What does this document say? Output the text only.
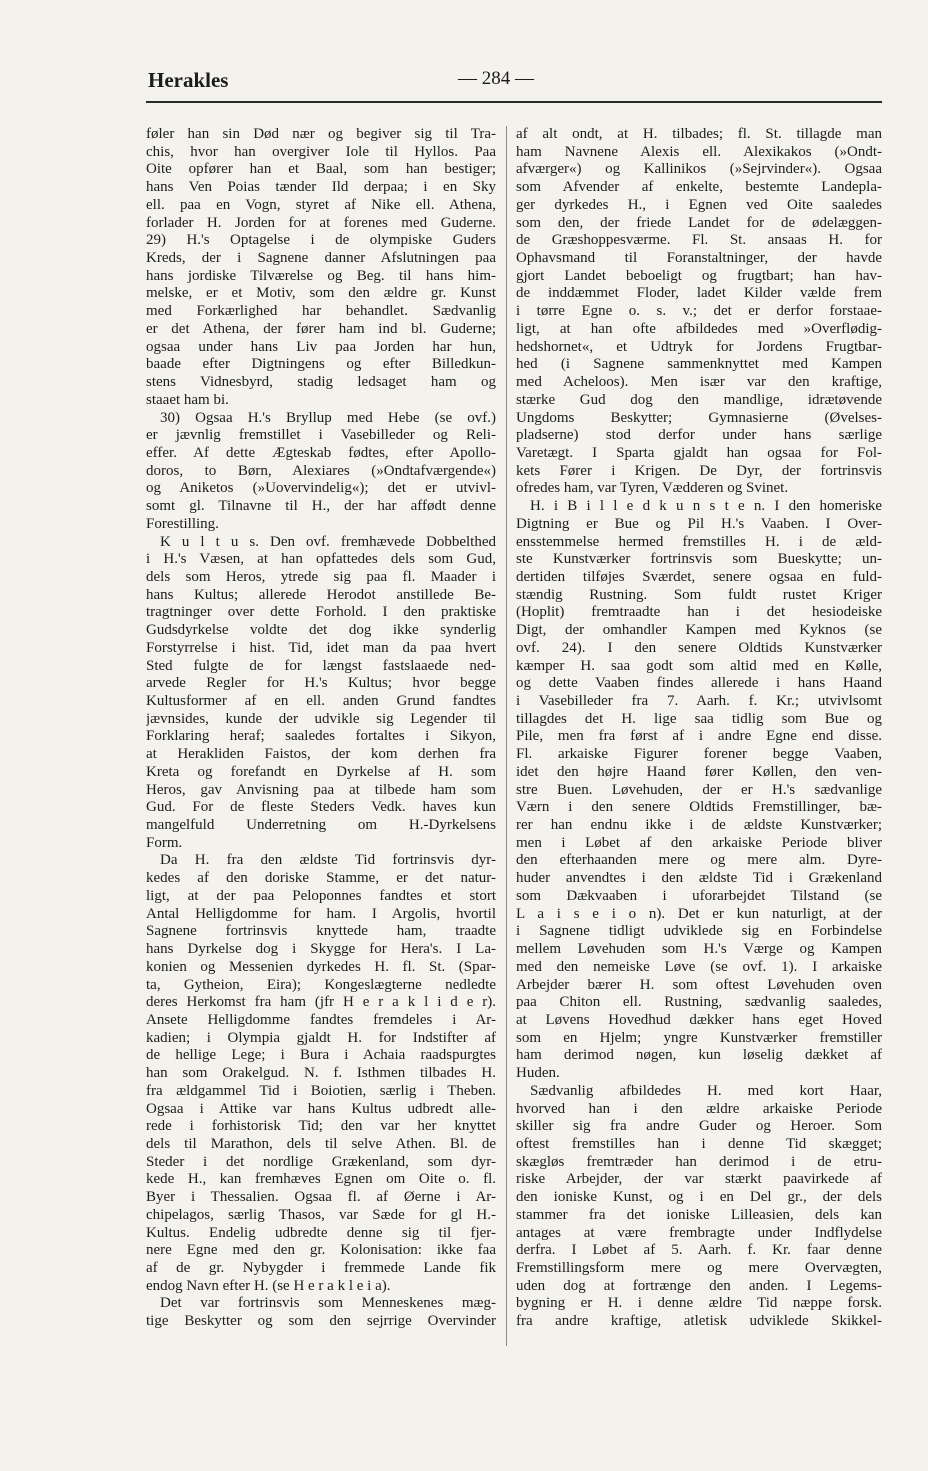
Herakles	— 284 —
føler han sin Død nær og begiver sig til Tra-
chis, hvor han overgiver Iole til Hyllos. Paa
Oite opfører han et Baal, som han bestiger;
hans Ven Poias tænder Ild derpaa; i en Sky
ell. paa en Vogn, styret af Nike ell. Athena,
forlader H. Jorden for at forenes med Guderne.
29) H.'s Optagelse i de olympiske Guders
Kreds, der i Sagnene danner Afslutningen paa
hans jordiske Tilværelse og Beg. til hans him-
melske, er et Motiv, som den ældre gr. Kunst
med Forkærlighed har behandlet. Sædvanlig
er det Athena, der fører ham ind bl. Guderne;
ogsaa under hans Liv paa Jorden har hun,
baade efter Digtningens og efter Billedkun-
stens Vidnesbyrd, stadig ledsaget ham og
staaet ham bi.
30) Ogsaa H.'s Bryllup med Hebe (se ovf.)
er jævnlig fremstillet i Vasebilleder og Reli-
effer. Af dette Ægteskab fødtes, efter Apollo-
doros, to Børn, Alexiares (»Ondtafværgende«)
og Aniketos (»Uovervindelig«); det er utvivl-
somt gl. Tilnavne til H., der har affødt denne
Forestilling.
K u l t u s. Den ovf. fremhævede Dobbelthed
i H.'s Væsen, at han opfattedes dels som Gud,
dels som Heros, ytrede sig paa fl. Maader i
hans Kultus; allerede Herodot anstillede Be-
tragtninger over dette Forhold. I den praktiske
Gudsdyrkelse voldte det dog ikke synderlig
Forstyrrelse i hist. Tid, idet man da paa hvert
Sted fulgte de for længst fastslaaede ned-
arvede Regler for H.'s Kultus; hvor begge
Kultusformer af en ell. anden Grund fandtes
jævnsides, kunde der udvikle sig Legender til
Forklaring heraf; saaledes fortaltes i Sikyon,
at Herakliden Faistos, der kom derhen fra
Kreta og forefandt en Dyrkelse af H. som
Heros, gav Anvisning paa at tilbede ham som
Gud. For de fleste Steders Vedk. haves kun
mangelfuld Underretning om H.-Dyrkelsens
Form.
Da H. fra den ældste Tid fortrinsvis dyr-
kedes af den doriske Stamme, er det natur-
ligt, at der paa Peloponnes fandtes et stort
Antal Helligdomme for ham. I Argolis, hvortil
Sagnene fortrinsvis knyttede ham, traadte
hans Dyrkelse dog i Skygge for Hera's. I La-
konien og Messenien dyrkedes H. fl. St. (Spar-
ta, Gytheion, Eira); Kongeslægterne nedledte
deres Herkomst fra ham (jfr H e r a k l i d e r).
Ansete Helligdomme fandtes fremdeles i Ar-
kadien; i Olympia gjaldt H. for Indstifter af
de hellige Lege; i Bura i Achaia raadspurgtes
han som Orakelgud. N. f. Isthmen tilbades H.
fra ældgammel Tid i Boiotien, særlig i Theben.
Ogsaa i Attike var hans Kultus udbredt alle-
rede i forhistorisk Tid; den var her knyttet
dels til Marathon, dels til selve Athen. Bl. de
Steder i det nordlige Grækenland, som dyr-
kede H., kan fremhæves Egnen om Oite o. fl.
Byer i Thessalien. Ogsaa fl. af Øerne i Ar-
chipelagos, særlig Thasos, var Sæde for gl H.-
Kultus. Endelig udbredte denne sig til fjer-
nere Egne med den gr. Kolonisation: ikke faa
af de gr. Nybygder i fremmede Lande fik
endog Navn efter H. (se H e r a k l e i a).
Det var fortrinsvis som Menneskenes mæg-
tige Beskytter og som den sejrrige Overvinder
af alt ondt, at H. tilbades; fl. St. tillagde man
ham Navnene Alexis ell. Alexikakos (»Ondt-
afværger«) og Kallinikos (»Sejrvinder«). Ogsaa
som Afvender af enkelte, bestemte Landepla-
ger dyrkedes H., i Egnen ved Oite saaledes
som den, der friede Landet for de ødelæggen-
de Græshoppesværme. Fl. St. ansaas H. for
Ophavsmand til Foranstaltninger, der havde
gjort Landet beboeligt og frugtbart; han hav-
de inddæmmet Floder, ladet Kilder vælde frem
i tørre Egne o. s. v.; det er derfor forstaae-
ligt, at han ofte afbildedes med »Overflødig-
hedshornet«, et Udtryk for Jordens Frugtbar-
hed (i Sagnene sammenknyttet med Kampen
med Acheloos). Men især var den kraftige,
stærke Gud dog den mandlige, idrætøvende
Ungdoms Beskytter; Gymnasierne (Øvelses-
pladserne) stod derfor under hans særlige
Varetægt. I Sparta gjaldt han ogsaa for Fol-
kets Fører i Krigen. De Dyr, der fortrinsvis
ofredes ham, var Tyren, Vædderen og Svinet.
H. i B i l l e d k u n s t e n. I den homeriske
Digtning er Bue og Pil H.'s Vaaben. I Over-
ensstemmelse hermed fremstilles H. i de æld-
ste Kunstværker fortrinsvis som Bueskytte; un-
dertiden tilføjes Sværdet, senere ogsaa en fuld-
stændig Rustning. Som fuldt rustet Kriger
(Hoplit) fremtraadte han i det hesiodeiske
Digt, der omhandler Kampen med Kyknos (se
ovf. 24). I den senere Oldtids Kunstværker
kæmper H. saa godt som altid med en Kølle,
og dette Vaaben findes allerede i hans Haand
i Vasebilleder fra 7. Aarh. f. Kr.; utvivlsomt
tillagdes det H. lige saa tidlig som Bue og
Pile, men fra først af i andre Egne end disse.
Fl. arkaiske Figurer forener begge Vaaben,
idet den højre Haand fører Køllen, den ven-
stre Buen. Løvehuden, der er H.'s sædvanlige
Værn i den senere Oldtids Fremstillinger, bæ-
rer han endnu ikke i de ældste Kunstværker;
men i Løbet af den arkaiske Periode bliver
den efterhaanden mere og mere alm. Dyre-
huder anvendtes i den ældste Tid i Grækenland
som Dækvaaben i uforarbejdet Tilstand (se
L a i s e i o n). Det er kun naturligt, at der
i Sagnene tidligt udviklede sig en Forbindelse
mellem Løvehuden som H.'s Værge og Kampen
med den nemeiske Løve (se ovf. 1). I arkaiske
Arbejder bærer H. som oftest Løvehuden oven
paa Chiton ell. Rustning, sædvanlig saaledes,
at Løvens Hovedhud dækker hans eget Hoved
som en Hjelm; yngre Kunstværker fremstiller
ham derimod nøgen, kun løselig dækket af
Huden.
Sædvanlig afbildedes H. med kort Haar,
hvorved han i den ældre arkaiske Periode
skiller sig fra andre Guder og Heroer. Som
oftest fremstilles han i denne Tid skægget;
skægløs fremtræder han derimod i de etru-
riske Arbejder, der var stærkt paavirkede af
den ioniske Kunst, og i en Del gr., der dels
stammer fra det ioniske Lilleasien, dels kan
antages at være frembragte under Indflydelse
derfra. I Løbet af 5. Aarh. f. Kr. faar denne
Fremstillingsform mere og mere Overvægten,
uden dog at fortrænge den anden. I Legems-
bygning er H. i denne ældre Tid næppe forsk.
fra andre kraftige, atletisk udviklede Skikkel-
